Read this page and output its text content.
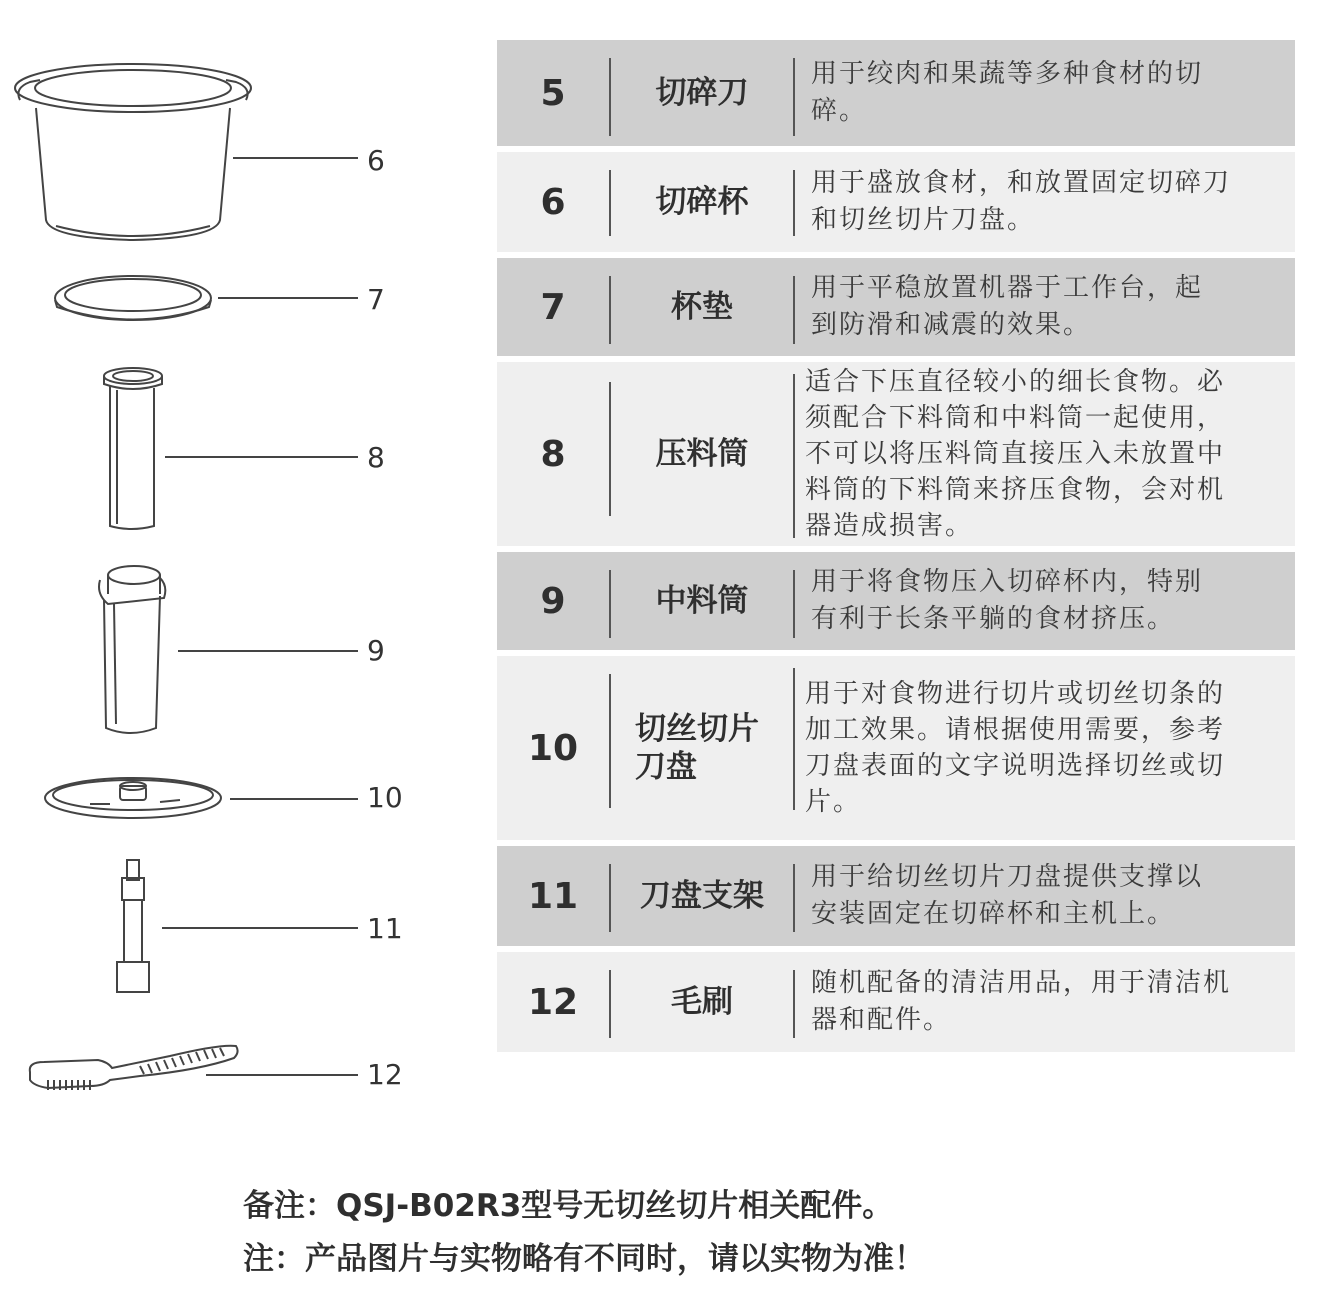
6
7
8
9
10
11
12
5	切碎刀
用于绞肉和果蔬等多种食材的切
碎。
6	切碎杯
用于盛放食材，和放置固定切碎刀
和切丝切片刀盘。
7	杯垫
用于平稳放置机器于工作台，起
到防滑和减震的效果。
8	压料筒
适合下压直径较小的细长食物。必
须配合下料筒和中料筒一起使用，
不可以将压料筒直接压入未放置中
料筒的下料筒来挤压食物，会对机
器造成损害。
9	中料筒
用于将食物压入切碎杯内，特别
有利于长条平躺的食材挤压。
10	切丝切片
刀盘
用于对食物进行切片或切丝切条的
加工效果。请根据使用需要，参考
刀盘表面的文字说明选择切丝或切
片。
11	刀盘支架
用于给切丝切片刀盘提供支撑以
安装固定在切碎杯和主机上。
12	毛刷
随机配备的清洁用品，用于清洁机
器和配件。
备注：QSJ-B02R3型号无切丝切片相关配件。
注：产品图片与实物略有不同时，请以实物为准！
